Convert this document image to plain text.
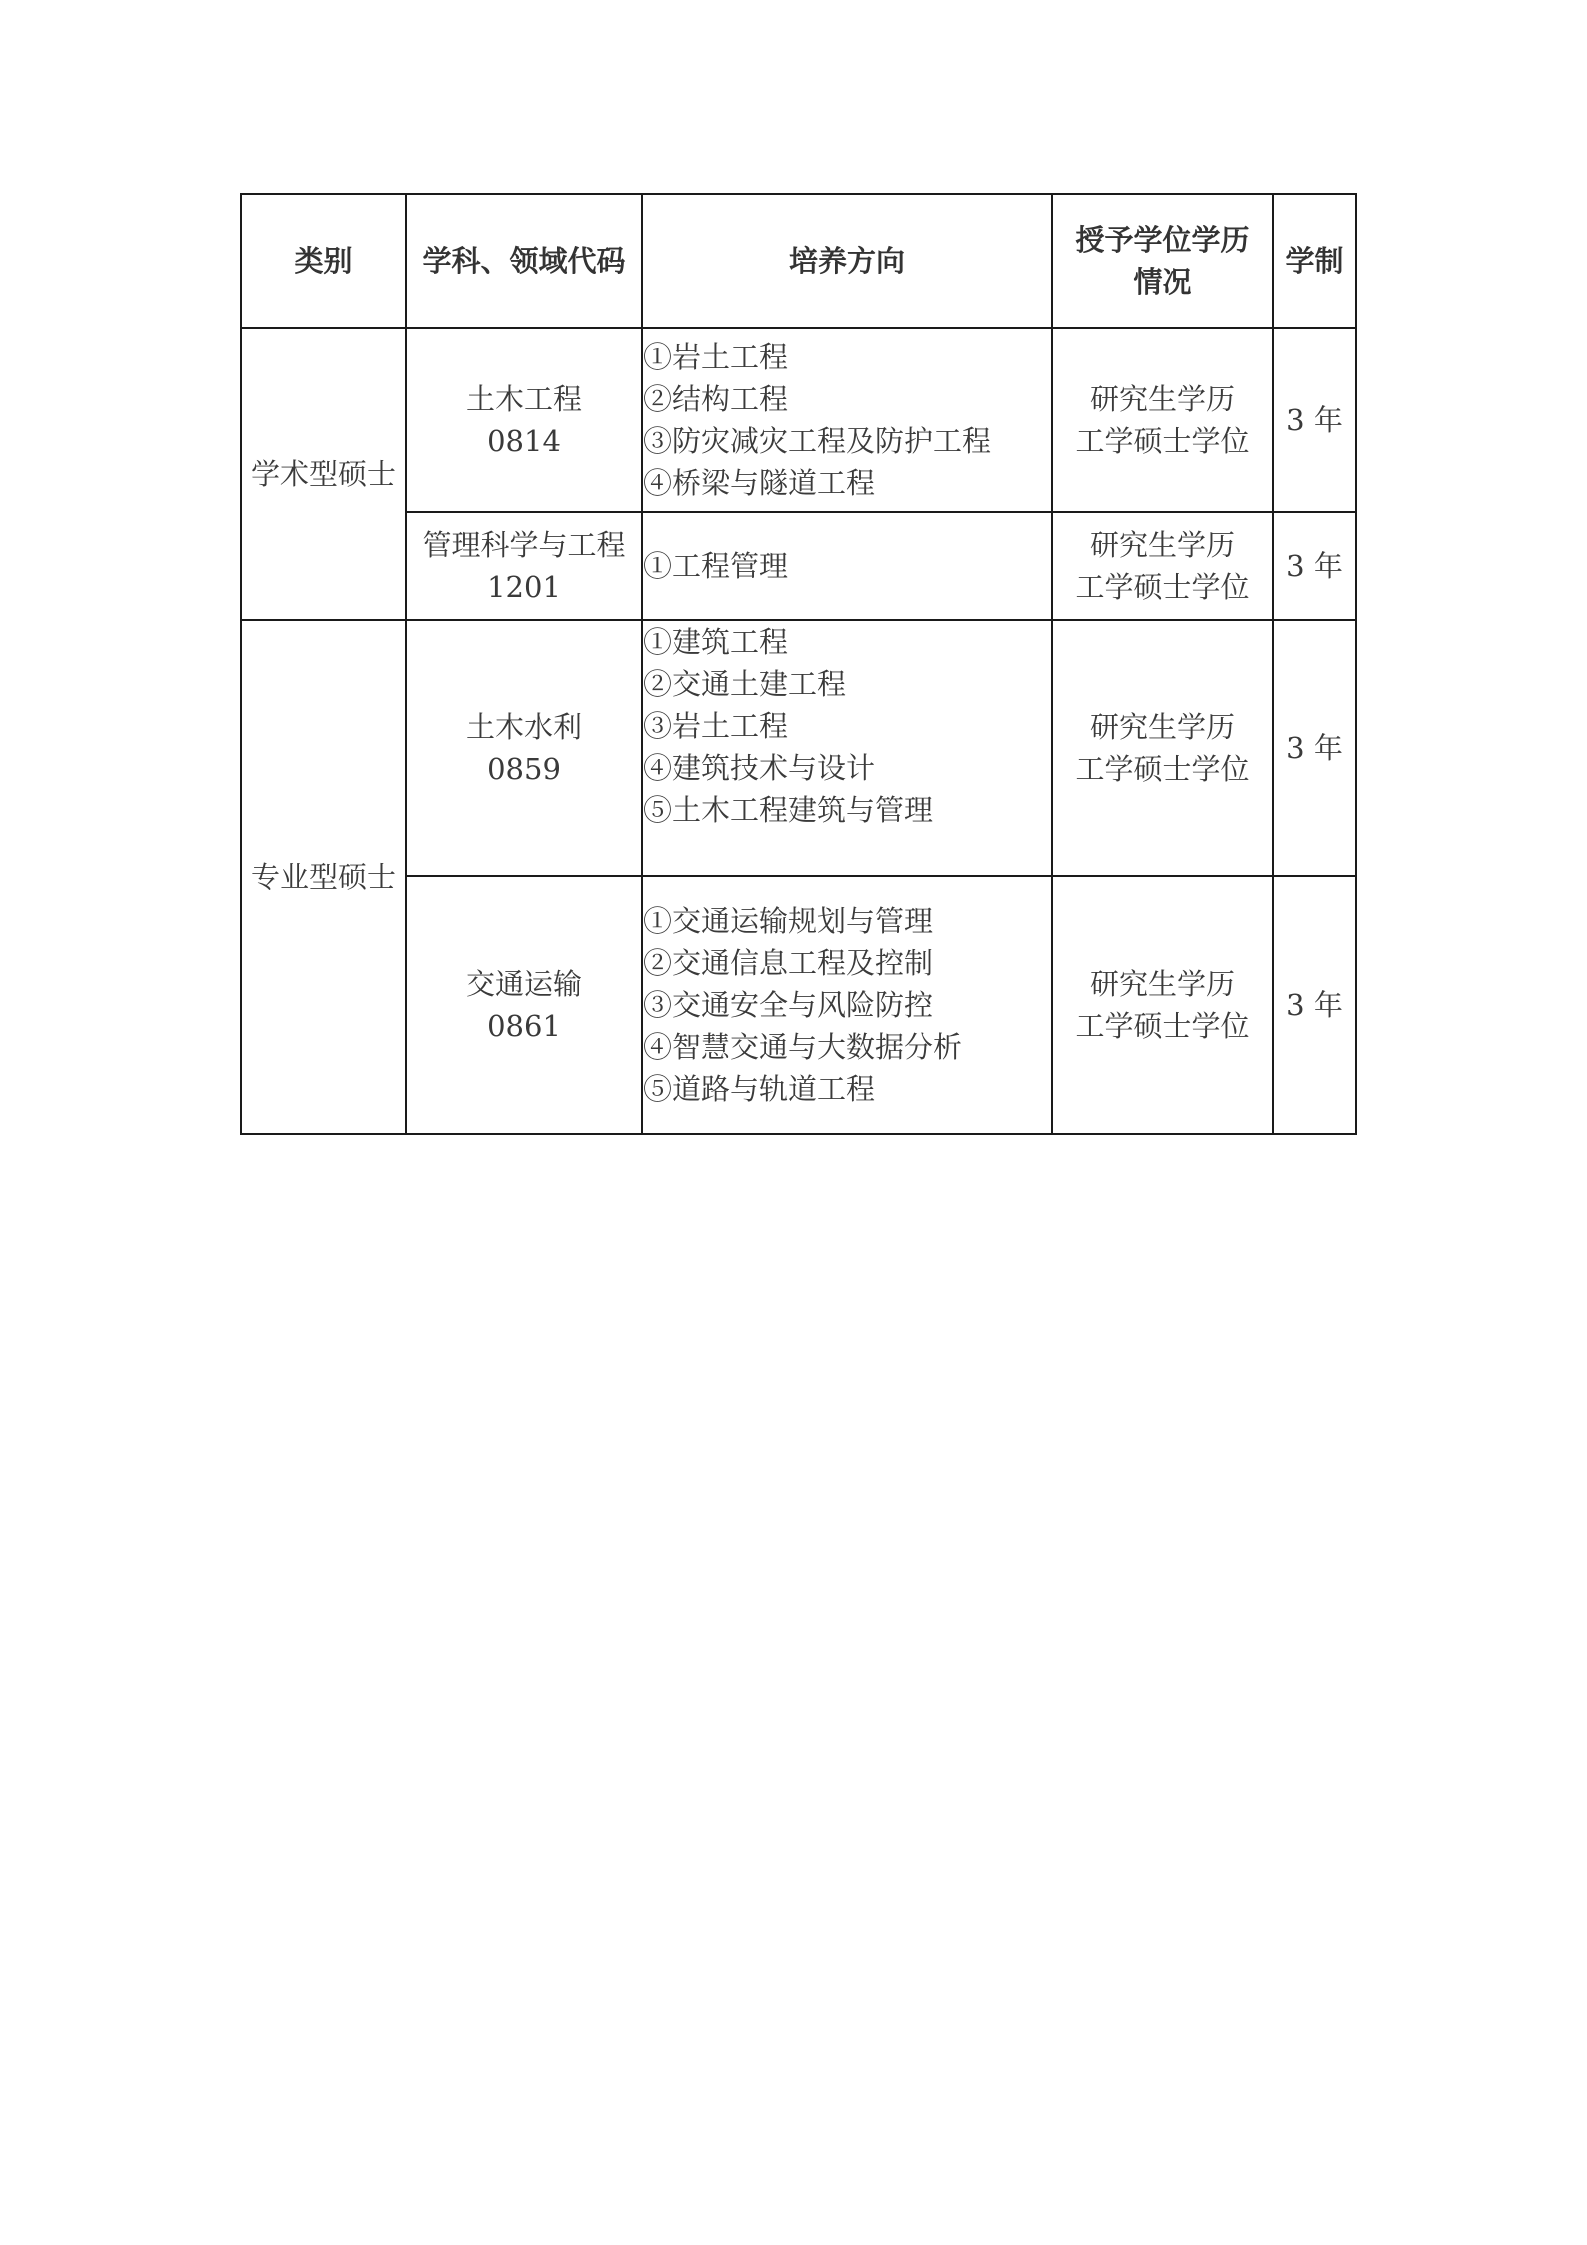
类别	学科、领域代码	培养方向	授予学位学历
情况	学制
学术型硕士	土木工程
0814	①岩土工程
②结构工程
③防灾减灾工程及防护工程
④桥梁与隧道工程	研究生学历
工学硕士学位	3 年

	管理科学与工程
1201	①工程管理	研究生学历
工学硕士学位	3 年
专业型硕士	土木水利
0859	①建筑工程
②交通土建工程
③岩土工程
④建筑技术与设计
⑤土木工程建筑与管理	研究生学历
工学硕士学位	3 年

	交通运输
0861	①交通运输规划与管理
②交通信息工程及控制
③交通安全与风险防控
④智慧交通与大数据分析
⑤道路与轨道工程	研究生学历
工学硕士学位	3 年
